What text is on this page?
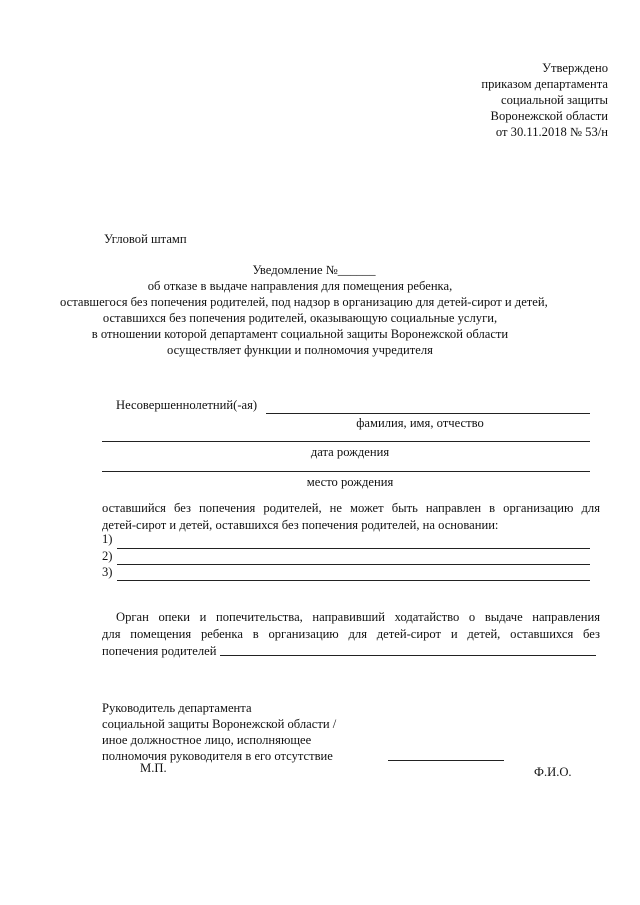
Утверждено
приказом департамента
социальной защиты
Воронежской области
от 30.11.2018 № 53/н
Угловой штамп
Уведомление №______
об отказе в выдаче направления для помещения ребенка,
оставшегося без попечения родителей, под надзор в организацию для детей-сирот и детей,
оставшихся без попечения родителей, оказывающую социальные услуги,
в отношении которой департамент социальной защиты Воронежской области
осуществляет функции и полномочия учредителя
Несовершеннолетний(-ая)
фамилия, имя, отчество
дата рождения
место рождения
оставшийся без попечения родителей, не может быть направлен в организацию для
детей-сирот и детей, оставшихся без попечения родителей, на основании:
1)
2)
3)
Орган опеки и попечительства, направивший ходатайство о выдаче направления
для помещения ребенка в организацию для детей-сирот и детей, оставшихся без
попечения родителей
Руководитель департамента
социальной защиты Воронежской области /
иное должностное лицо, исполняющее
полномочия руководителя в его отсутствие
М.П.	Ф.И.О.
